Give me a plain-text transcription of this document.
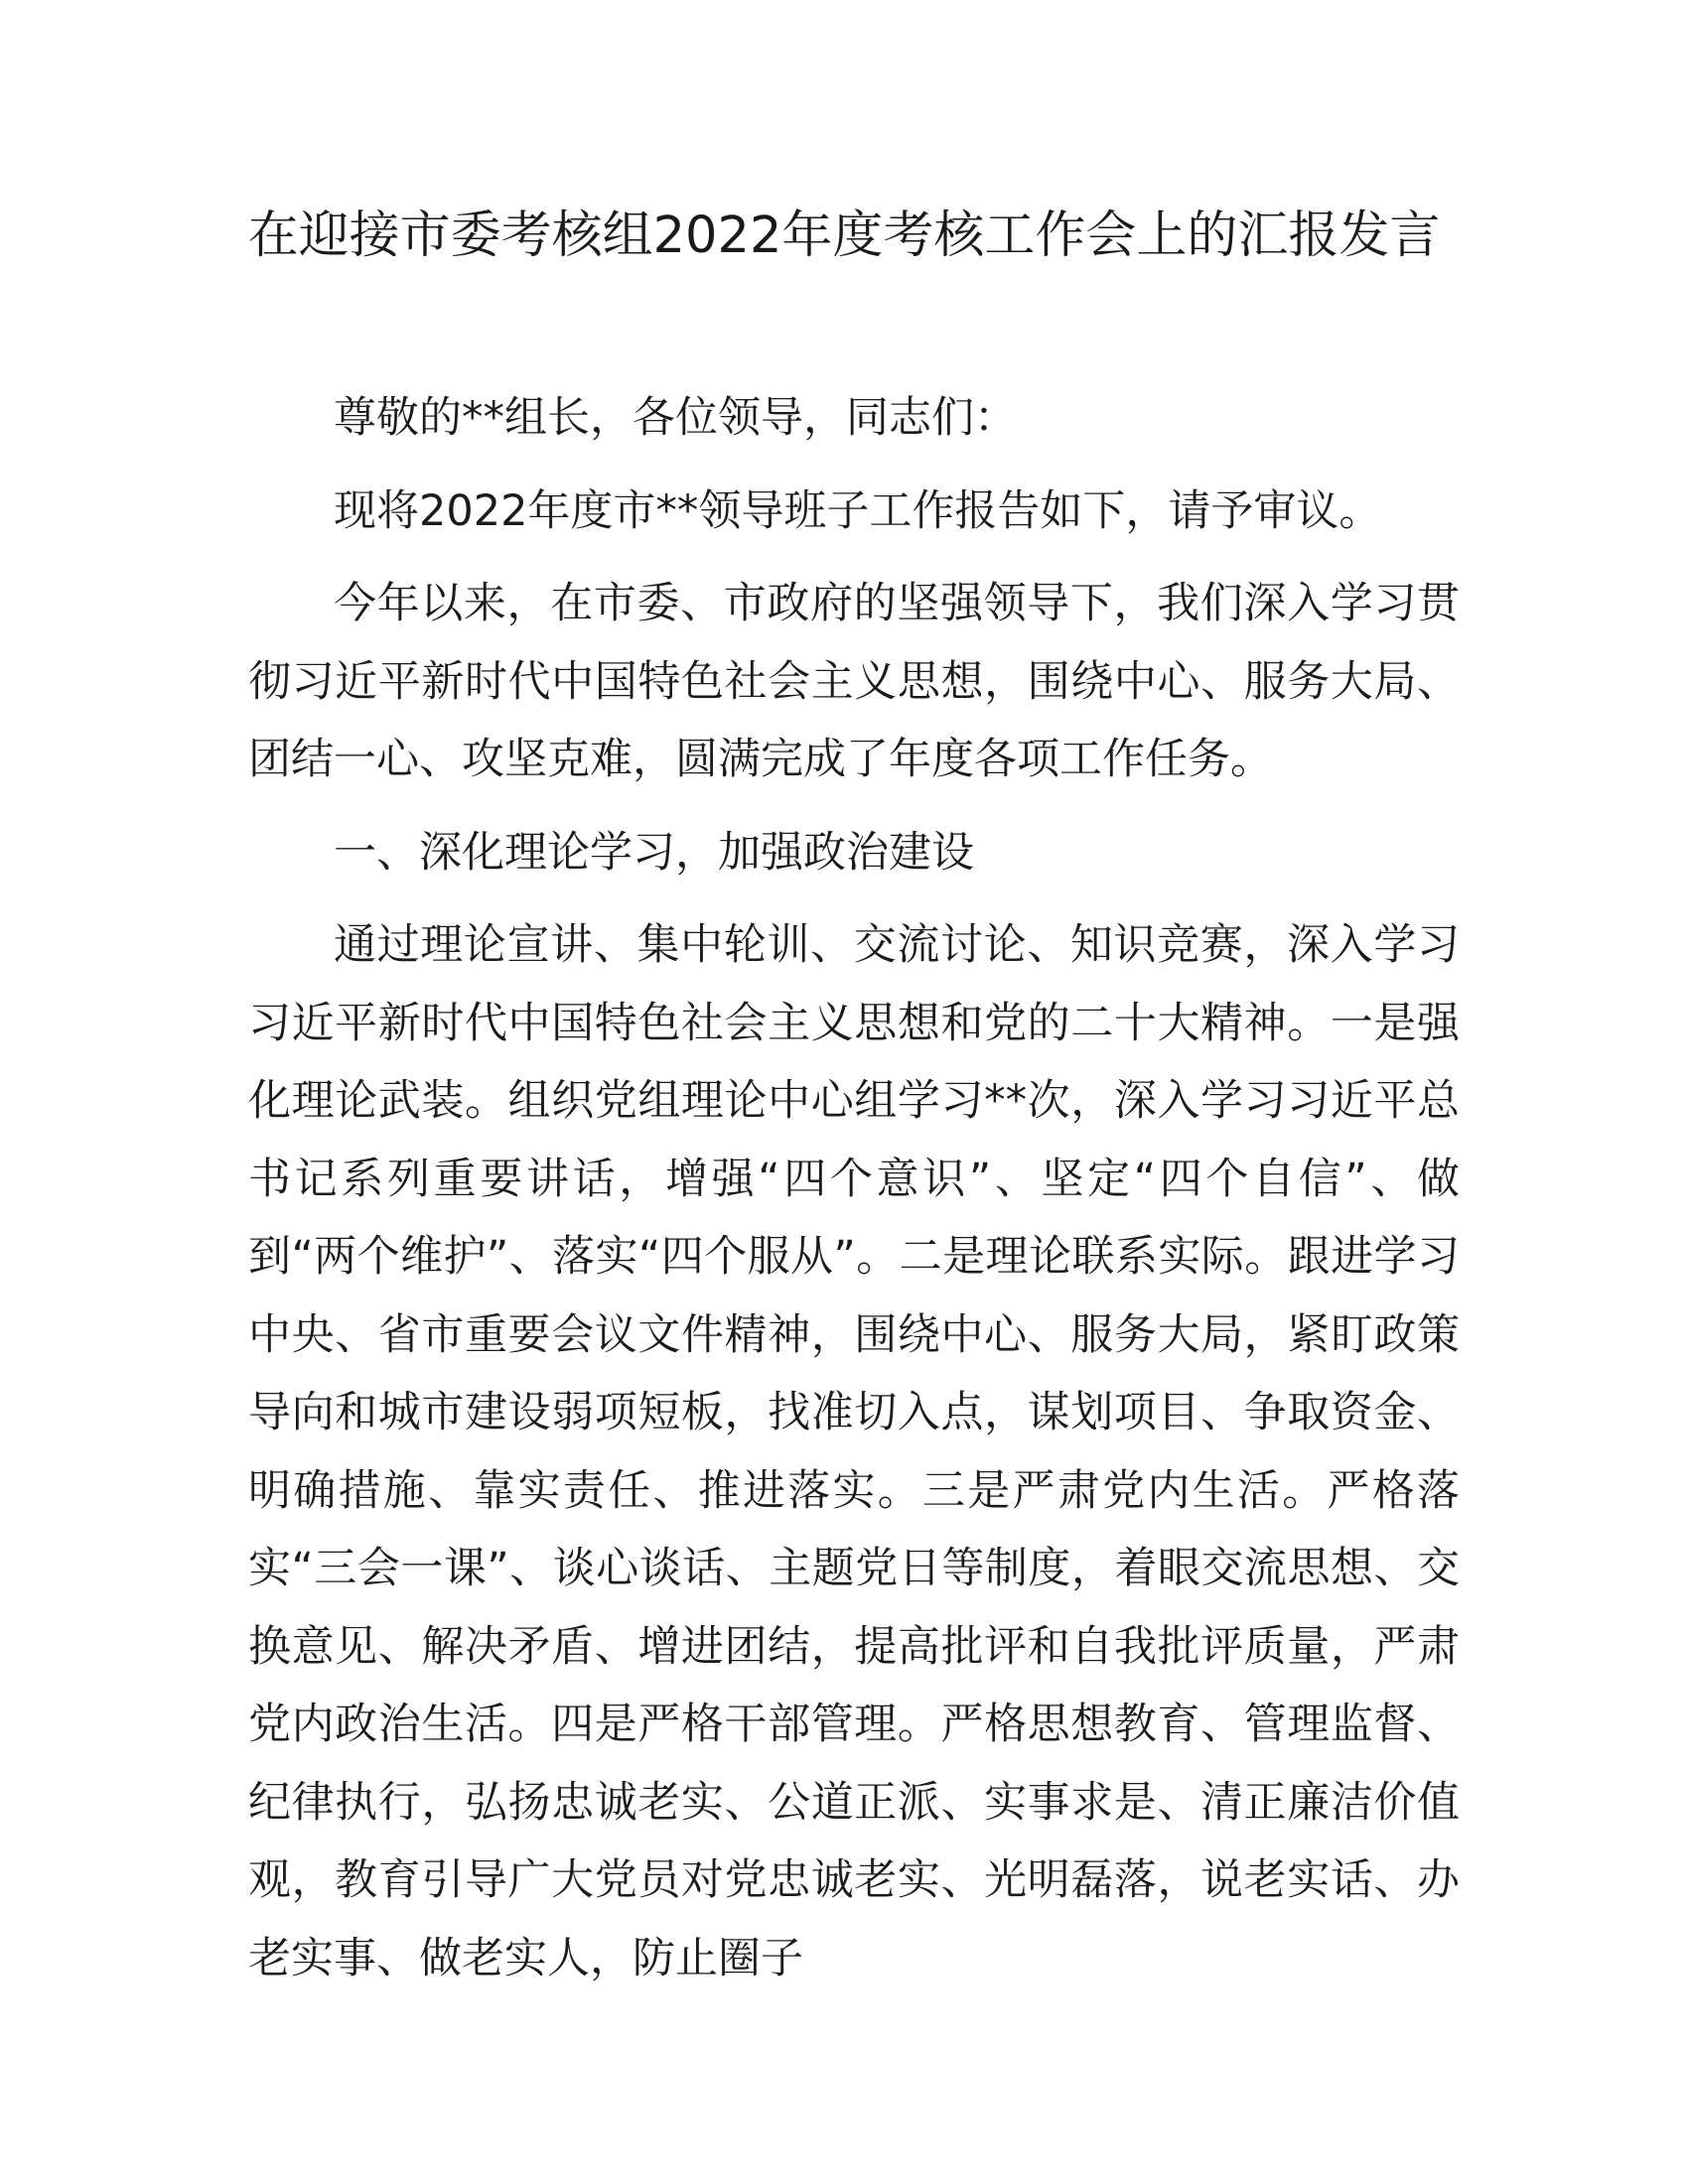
在迎接市委考核组2022年度考核工作会上的汇报发言

尊敬的**组长，各位领导，同志们：

现将2022年度市**领导班子工作报告如下，请予审议。

今年以来，在市委、市政府的坚强领导下，我们深入学习贯彻习近平新时代中国特色社会主义思想，围绕中心、服务大局、团结一心、攻坚克难，圆满完成了年度各项工作任务。

一、深化理论学习，加强政治建设

通过理论宣讲、集中轮训、交流讨论、知识竞赛，深入学习习近平新时代中国特色社会主义思想和党的二十大精神。一是强化理论武装。组织党组理论中心组学习**次，深入学习习近平总书记系列重要讲话，增强“四个意识”、坚定“四个自信”、做到“两个维护”、落实“四个服从”。二是理论联系实际。跟进学习中央、省市重要会议文件精神，围绕中心、服务大局，紧盯政策导向和城市建设弱项短板，找准切入点，谋划项目、争取资金、明确措施、靠实责任、推进落实。三是严肃党内生活。严格落实“三会一课”、谈心谈话、主题党日等制度，着眼交流思想、交换意见、解决矛盾、增进团结，提高批评和自我批评质量，严肃党内政治生活。四是严格干部管理。严格思想教育、管理监督、纪律执行，弘扬忠诚老实、公道正派、实事求是、清正廉洁价值观，教育引导广大党员对党忠诚老实、光明磊落，说老实话、办老实事、做老实人，防止圈子
